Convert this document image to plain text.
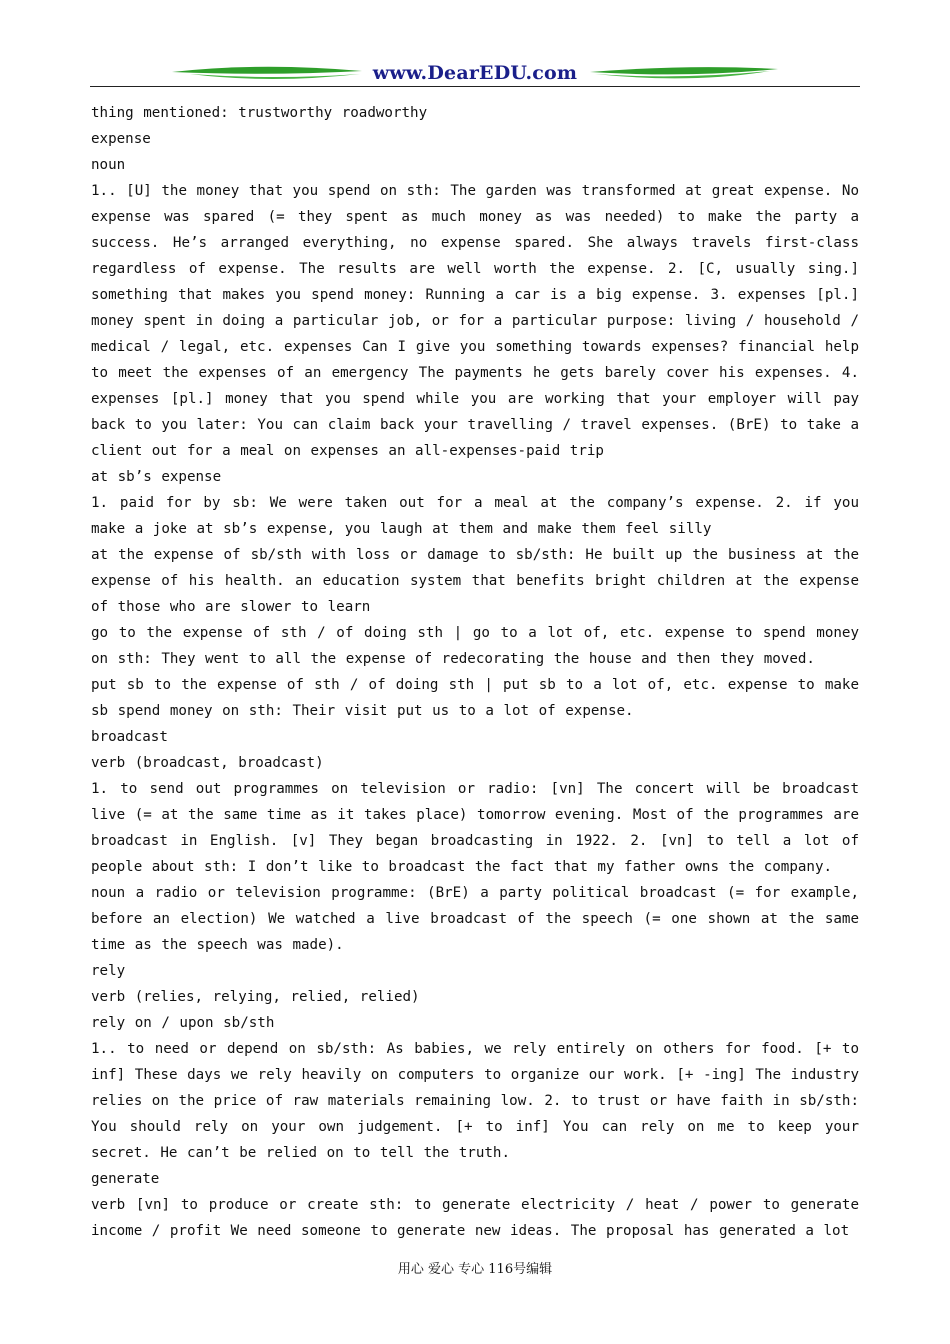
www.DearEDU.com

thing mentioned: trustworthy roadworthy

expense

noun

1.. [U] the money that you spend on sth: The garden was transformed at great expense. No expense was spared (= they spent as much money as was needed) to make the party a success. He’s arranged everything, no expense spared. She always travels first-class regardless of expense. The results are well worth the expense. 2. [C, usually sing.] something that makes you spend money: Running a car is a big expense. 3. expenses [pl.] money spent in doing a particular job, or for a particular purpose: living / household / medical / legal, etc. expenses Can I give you something towards expenses? financial help to meet the expenses of an emergency The payments he gets barely cover his expenses. 4. expenses [pl.] money that you spend while you are working that your employer will pay back to you later: You can claim back your travelling / travel expenses. (BrE) to take a client out for a meal on expenses an all-expenses-paid trip

at sb’s expense

1. paid for by sb: We were taken out for a meal at the company’s expense. 2. if you make a joke at sb’s expense, you laugh at them and make them feel silly

at the expense of sb/sth with loss or damage to sb/sth: He built up the business at the expense of his health. an education system that benefits bright children at the expense of those who are slower to learn

go to the expense of sth / of doing sth | go to a lot of, etc. expense to spend money on sth: They went to all the expense of redecorating the house and then they moved.

put sb to the expense of sth / of doing sth | put sb to a lot of, etc. expense to make sb spend money on sth: Their visit put us to a lot of expense.

broadcast

verb (broadcast, broadcast)

1. to send out programmes on television or radio: [vn] The concert will be broadcast live (= at the same time as it takes place) tomorrow evening. Most of the programmes are broadcast in English. [v] They began broadcasting in 1922. 2. [vn] to tell a lot of people about sth: I don’t like to broadcast the fact that my father owns the company.

noun a radio or television programme: (BrE) a party political broadcast (= for example, before an election) We watched a live broadcast of the speech (= one shown at the same time as the speech was made).

rely

verb (relies, relying, relied, relied)

rely on / upon sb/sth

1.. to need or depend on sb/sth: As babies, we rely entirely on others for food. [+ to inf] These days we rely heavily on computers to organize our work. [+ -ing] The industry relies on the price of raw materials remaining low. 2. to trust or have faith in sb/sth: You should rely on your own judgement. [+ to inf] You can rely on me to keep your secret. He can’t be relied on to tell the truth.

generate

verb [vn] to produce or create sth: to generate electricity / heat / power to generate income / profit We need someone to generate new ideas. The proposal has generated a lot

用心 爱心 专心 116号编辑
